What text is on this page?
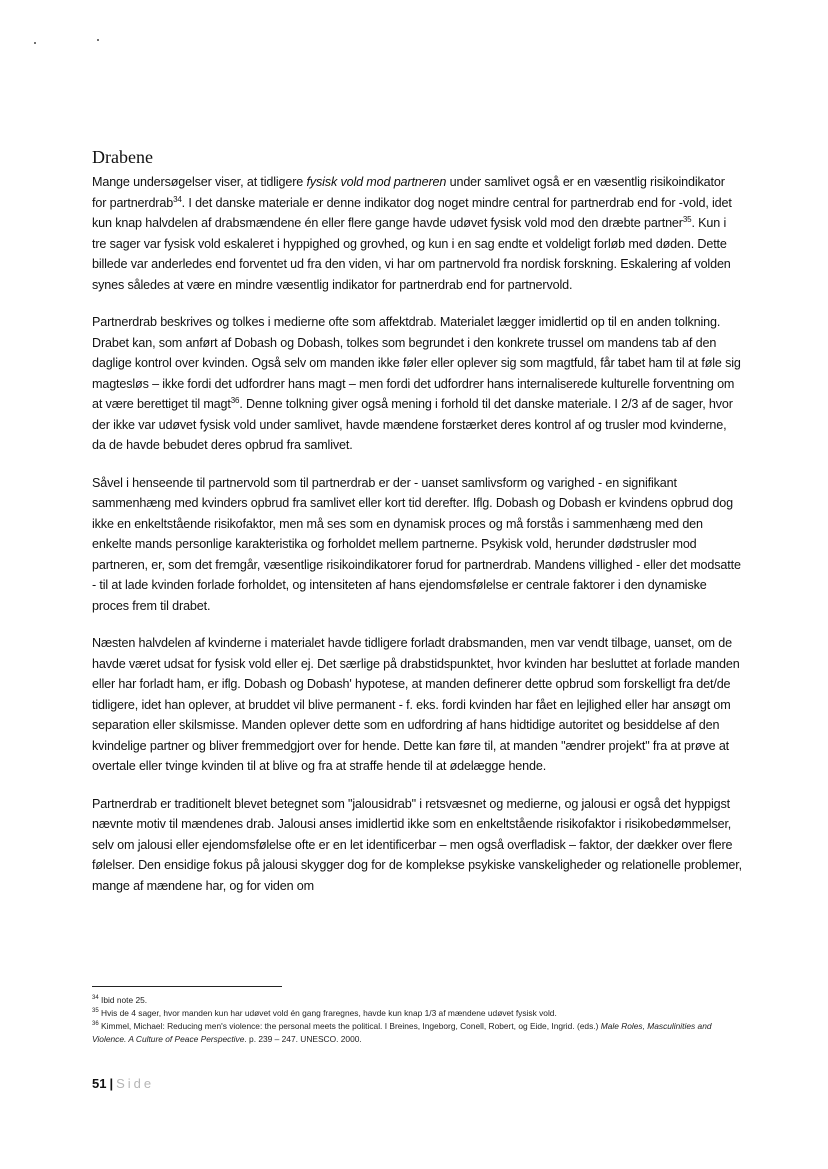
Drabene

Mange undersøgelser viser, at tidligere fysisk vold mod partneren under samlivet også er en væsentlig risikoindikator for partnerdrab$^{34}$. I det danske materiale er denne indikator dog noget mindre central for partnerdrab end for -vold, idet kun knap halvdelen af drabsmændene én eller flere gange havde udøvet fysisk vold mod den dræbte partner$^{35}$. Kun i tre sager var fysisk vold eskaleret i hyppighed og grovhed, og kun i en sag endte et voldeligt forløb med døden. Dette billede var anderledes end forventet ud fra den viden, vi har om partnervold fra nordisk forskning. Eskalering af volden synes således at være en mindre væsentlig indikator for partnerdrab end for partnervold.

Partnerdrab beskrives og tolkes i medierne ofte som affektdrab. Materialet lægger imidlertid op til en anden tolkning. Drabet kan, som anført af Dobash og Dobash, tolkes som begrundet i den konkrete trussel om mandens tab af den daglige kontrol over kvinden. Også selv om manden ikke føler eller oplever sig som magtfuld, får tabet ham til at føle sig magtesløs – ikke fordi det udfordrer hans magt – men fordi det udfordrer hans internaliserede kulturelle forventning om at være berettiget til magt$^{36}$. Denne tolkning giver også mening i forhold til det danske materiale. I 2/3 af de sager, hvor der ikke var udøvet fysisk vold under samlivet, havde mændene forstærket deres kontrol af og trusler mod kvinderne, da de havde bebudet deres opbrud fra samlivet.

Såvel i henseende til partnervold som til partnerdrab er der - uanset samlivsform og varighed - en signifikant sammenhæng med kvinders opbrud fra samlivet eller kort tid derefter. Iflg. Dobash og Dobash er kvindens opbrud dog ikke en enkeltstående risikofaktor, men må ses som en dynamisk proces og må forstås i sammenhæng med den enkelte mands personlige karakteristika og forholdet mellem partnerne. Psykisk vold, herunder dødstrusler mod partneren, er, som det fremgår, væsentlige risikoindikatorer forud for partnerdrab. Mandens villighed - eller det modsatte - til at lade kvinden forlade forholdet, og intensiteten af hans ejendomsfølelse er centrale faktorer i den dynamiske proces frem til drabet.

Næsten halvdelen af kvinderne i materialet havde tidligere forladt drabsmanden, men var vendt tilbage, uanset, om de havde været udsat for fysisk vold eller ej. Det særlige på drabstidspunktet, hvor kvinden har besluttet at forlade manden eller har forladt ham, er iflg. Dobash og Dobash' hypotese, at manden definerer dette opbrud som forskelligt fra det/de tidligere, idet han oplever, at bruddet vil blive permanent - f. eks. fordi kvinden har fået en lejlighed eller har ansøgt om separation eller skilsmisse. Manden oplever dette som en udfordring af hans hidtidige autoritet og besiddelse af den kvindelige partner og bliver fremmedgjort over for hende. Dette kan føre til, at manden "ændrer projekt" fra at prøve at overtale eller tvinge kvinden til at blive og fra at straffe hende til at ødelægge hende.

Partnerdrab er traditionelt blevet betegnet som "jalousidrab" i retsvæsnet og medierne, og jalousi er også det hyppigst nævnte motiv til mændenes drab. Jalousi anses imidlertid ikke som en enkeltstående risikofaktor i risikobedømmelser, selv om jalousi eller ejendomsfølelse ofte er en let identificerbar – men også overfladisk – faktor, der dækker over flere følelser. Den ensidige fokus på jalousi skygger dog for de komplekse psykiske vanskeligheder og relationelle problemer, mange af mændene har, og for viden om

$^{34}$ Ibid note 25.

$^{35}$ Hvis de 4 sager, hvor manden kun har udøvet vold én gang fraregnes, havde kun knap 1/3 af mændene udøvet fysisk vold.

$^{36}$ Kimmel, Michael: Reducing men's violence: the personal meets the political. I Breines, Ingeborg, Conell, Robert, og Eide, Ingrid. (eds.) Male Roles, Masculinities and Violence. A Culture of Peace Perspective. p. 239 – 247. UNESCO. 2000.

51 | Side
